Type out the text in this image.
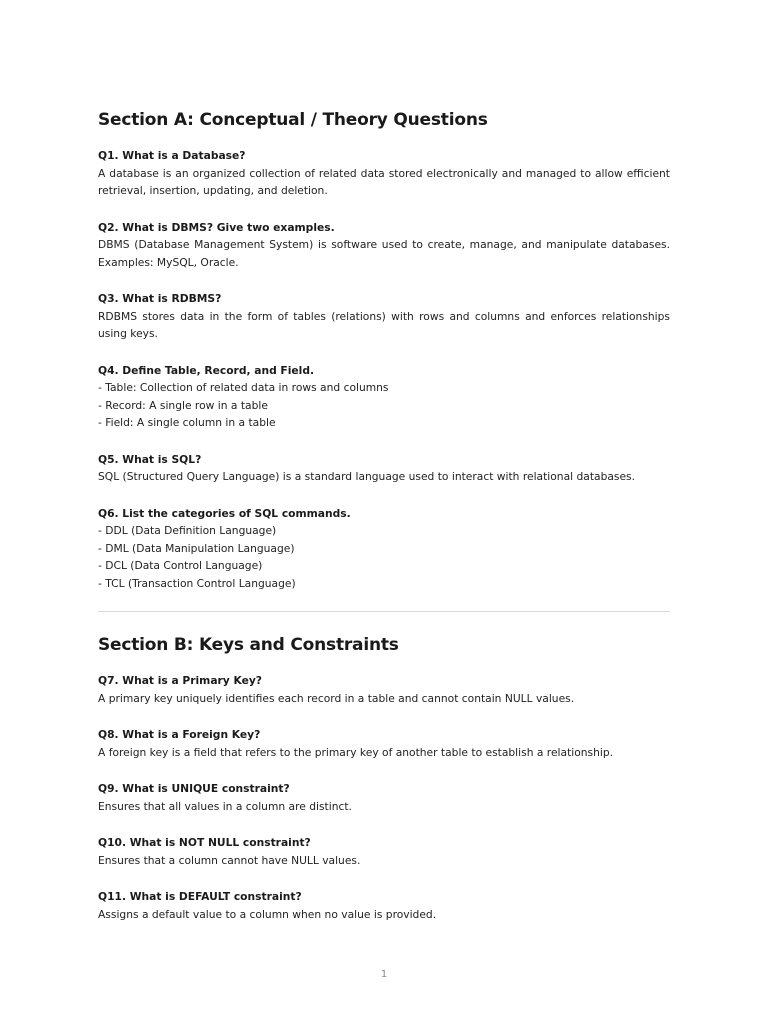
Section A: Conceptual / Theory Questions
Q1. What is a Database?
A database is an organized collection of related data stored electronically and managed to allow efficient retrieval, insertion, updating, and deletion.
Q2. What is DBMS? Give two examples.
DBMS (Database Management System) is software used to create, manage, and manipulate databases. Examples: MySQL, Oracle.
Q3. What is RDBMS?
RDBMS stores data in the form of tables (relations) with rows and columns and enforces relationships using keys.
Q4. Define Table, Record, and Field.
- Table: Collection of related data in rows and columns
- Record: A single row in a table
- Field: A single column in a table
Q5. What is SQL?
SQL (Structured Query Language) is a standard language used to interact with relational databases.
Q6. List the categories of SQL commands.
- DDL (Data Definition Language)
- DML (Data Manipulation Language)
- DCL (Data Control Language)
- TCL (Transaction Control Language)
Section B: Keys and Constraints
Q7. What is a Primary Key?
A primary key uniquely identifies each record in a table and cannot contain NULL values.
Q8. What is a Foreign Key?
A foreign key is a field that refers to the primary key of another table to establish a relationship.
Q9. What is UNIQUE constraint?
Ensures that all values in a column are distinct.
Q10. What is NOT NULL constraint?
Ensures that a column cannot have NULL values.
Q11. What is DEFAULT constraint?
Assigns a default value to a column when no value is provided.
1
